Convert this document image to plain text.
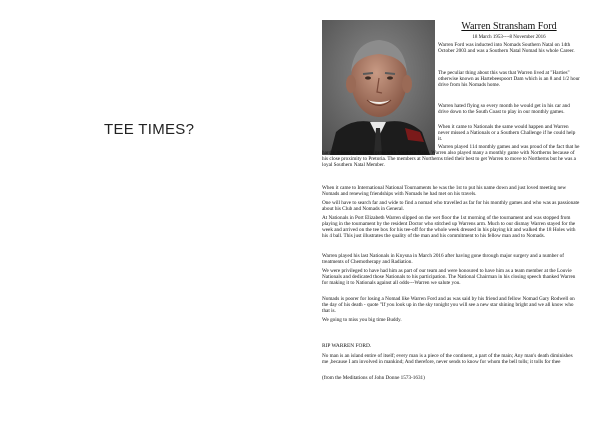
TEE TIMES?
Warren Stransham Ford
18 March 1953----8 November 2016
Warren Ford was inducted into Nomads Southern Natal on 14th October 2003 and was a Southern Natal Nomad his whole Career.
The peculiar thing about this was that Warren lived at "Harties" otherwise known as Hartebeespoort Dam which is an 8 and 1/2 hour drive from his Nomads home.
Warren hated flying so every month he would get in his car and drive down to the South Coast to play in our monthly games.
When it came to Nationals the same would happen and Warren never missed a Nationals or a Southern Challenge if he could help it.
Warren played 114 monthly games and was proud of the fact that he hardly missed a monthly game with Southern Natal. Warren also played many a monthly game with Northerns because of his close proximity to Pretoria. The members at Northerns tried their best to get Warren to move to Northerns but he was a loyal Southern Natal Member.
When it came to International National Tournaments he was the 1st to put his name down and just loved meeting new Nomads and renewing friendships with Nomads he had met on his travels.
One will have to search far and wide to find a nomad who travelled as far for his monthly games and who was as passionate about his Club and Nomads in General.
At Nationals in Port Elizabeth Warren slipped on the wet floor the 1st morning of the tournament and was stopped from playing in the tournament by the resident Doctor who stitched up Warrens arm. Much to our dismay Warren stayed for the week and arrived on the tee box for his tee-off for the whole week dressed in his playing kit and walked the 18 Holes with his 4 ball. This just illustrates the quality of the man and his commitment to his fellow man and to Nomads.
Warren played his last Nationals in Knysna in March 2016 after having gone through major surgery and a number of treatments of Chemotherapy and Radiation.
We were privileged to have had him as part of our team and were honoured to have him as a team member at the Louvie Nationals and dedicated those Nationals to his participation. The National Chairman in his closing speech thanked Warren for making it to Nationals against all odds---Warren we salute you.
Nomads is poorer for losing a Nomad like Warren Ford and as was said by his friend and fellow Nomad Gary Rodwell on the day of his death - quote "If you look up in the sky tonight you will see a new star shining bright and we all know who that is.
We going to miss you big time Buddy.
RIP WARREN FORD.
No man is an island entire of itself; every man is a piece of the continent, a part of the main; Any man's death diminishes me ,because I am involved in mankind; And therefore, never sends to know for whom the bell tolls; it tolls for thee
(from the Meditations of John Donne 1573-1631)
